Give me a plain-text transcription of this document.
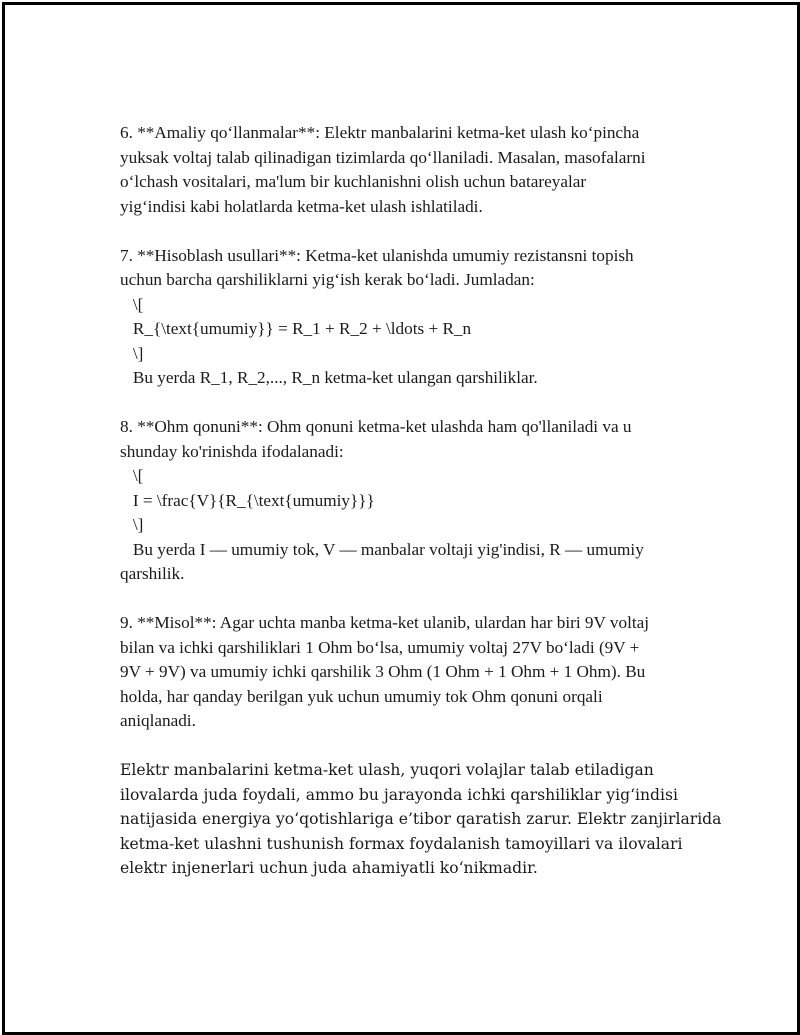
6. **Amaliy qo‘llanmalar**: Elektr manbalarini ketma-ket ulash ko‘pincha
yuksak voltaj talab qilinadigan tizimlarda qo‘llaniladi. Masalan, masofalarni
o‘lchash vositalari, ma'lum bir kuchlanishni olish uchun batareyalar
yig‘indisi kabi holatlarda ketma-ket ulash ishlatiladi.
7. **Hisoblash usullari**: Ketma-ket ulanishda umumiy rezistansni topish
uchun barcha qarshiliklarni yig‘ish kerak bo‘ladi. Jumladan:
\[
R_{\text{umumiy}} = R_1 + R_2 + \ldots + R_n
\]
Bu yerda R_1, R_2,..., R_n ketma-ket ulangan qarshiliklar.
8. **Ohm qonuni**: Ohm qonuni ketma-ket ulashda ham qo'llaniladi va u
shunday ko'rinishda ifodalanadi:
\[
I = \frac{V}{R_{\text{umumiy}}}
\]
Bu yerda I — umumiy tok, V — manbalar voltaji yig'indisi, R — umumiy
qarshilik.
9. **Misol**: Agar uchta manba ketma-ket ulanib, ulardan har biri 9V voltaj
bilan va ichki qarshiliklari 1 Ohm bo‘lsa, umumiy voltaj 27V bo‘ladi (9V +
9V + 9V) va umumiy ichki qarshilik 3 Ohm (1 Ohm + 1 Ohm + 1 Ohm). Bu
holda, har qanday berilgan yuk uchun umumiy tok Ohm qonuni orqali
aniqlanadi.
Elektr manbalarini ketma-ket ulash, yuqori volajlar talab etiladigan
ilovalarda juda foydali, ammo bu jarayonda ichki qarshiliklar yig‘indisi
natijasida energiya yo‘qotishlariga e’tibor qaratish zarur. Elektr zanjirlarida
ketma-ket ulashni tushunish formax foydalanish tamoyillari va ilovalari
elektr injenerlari uchun juda ahamiyatli ko‘nikmadir.
